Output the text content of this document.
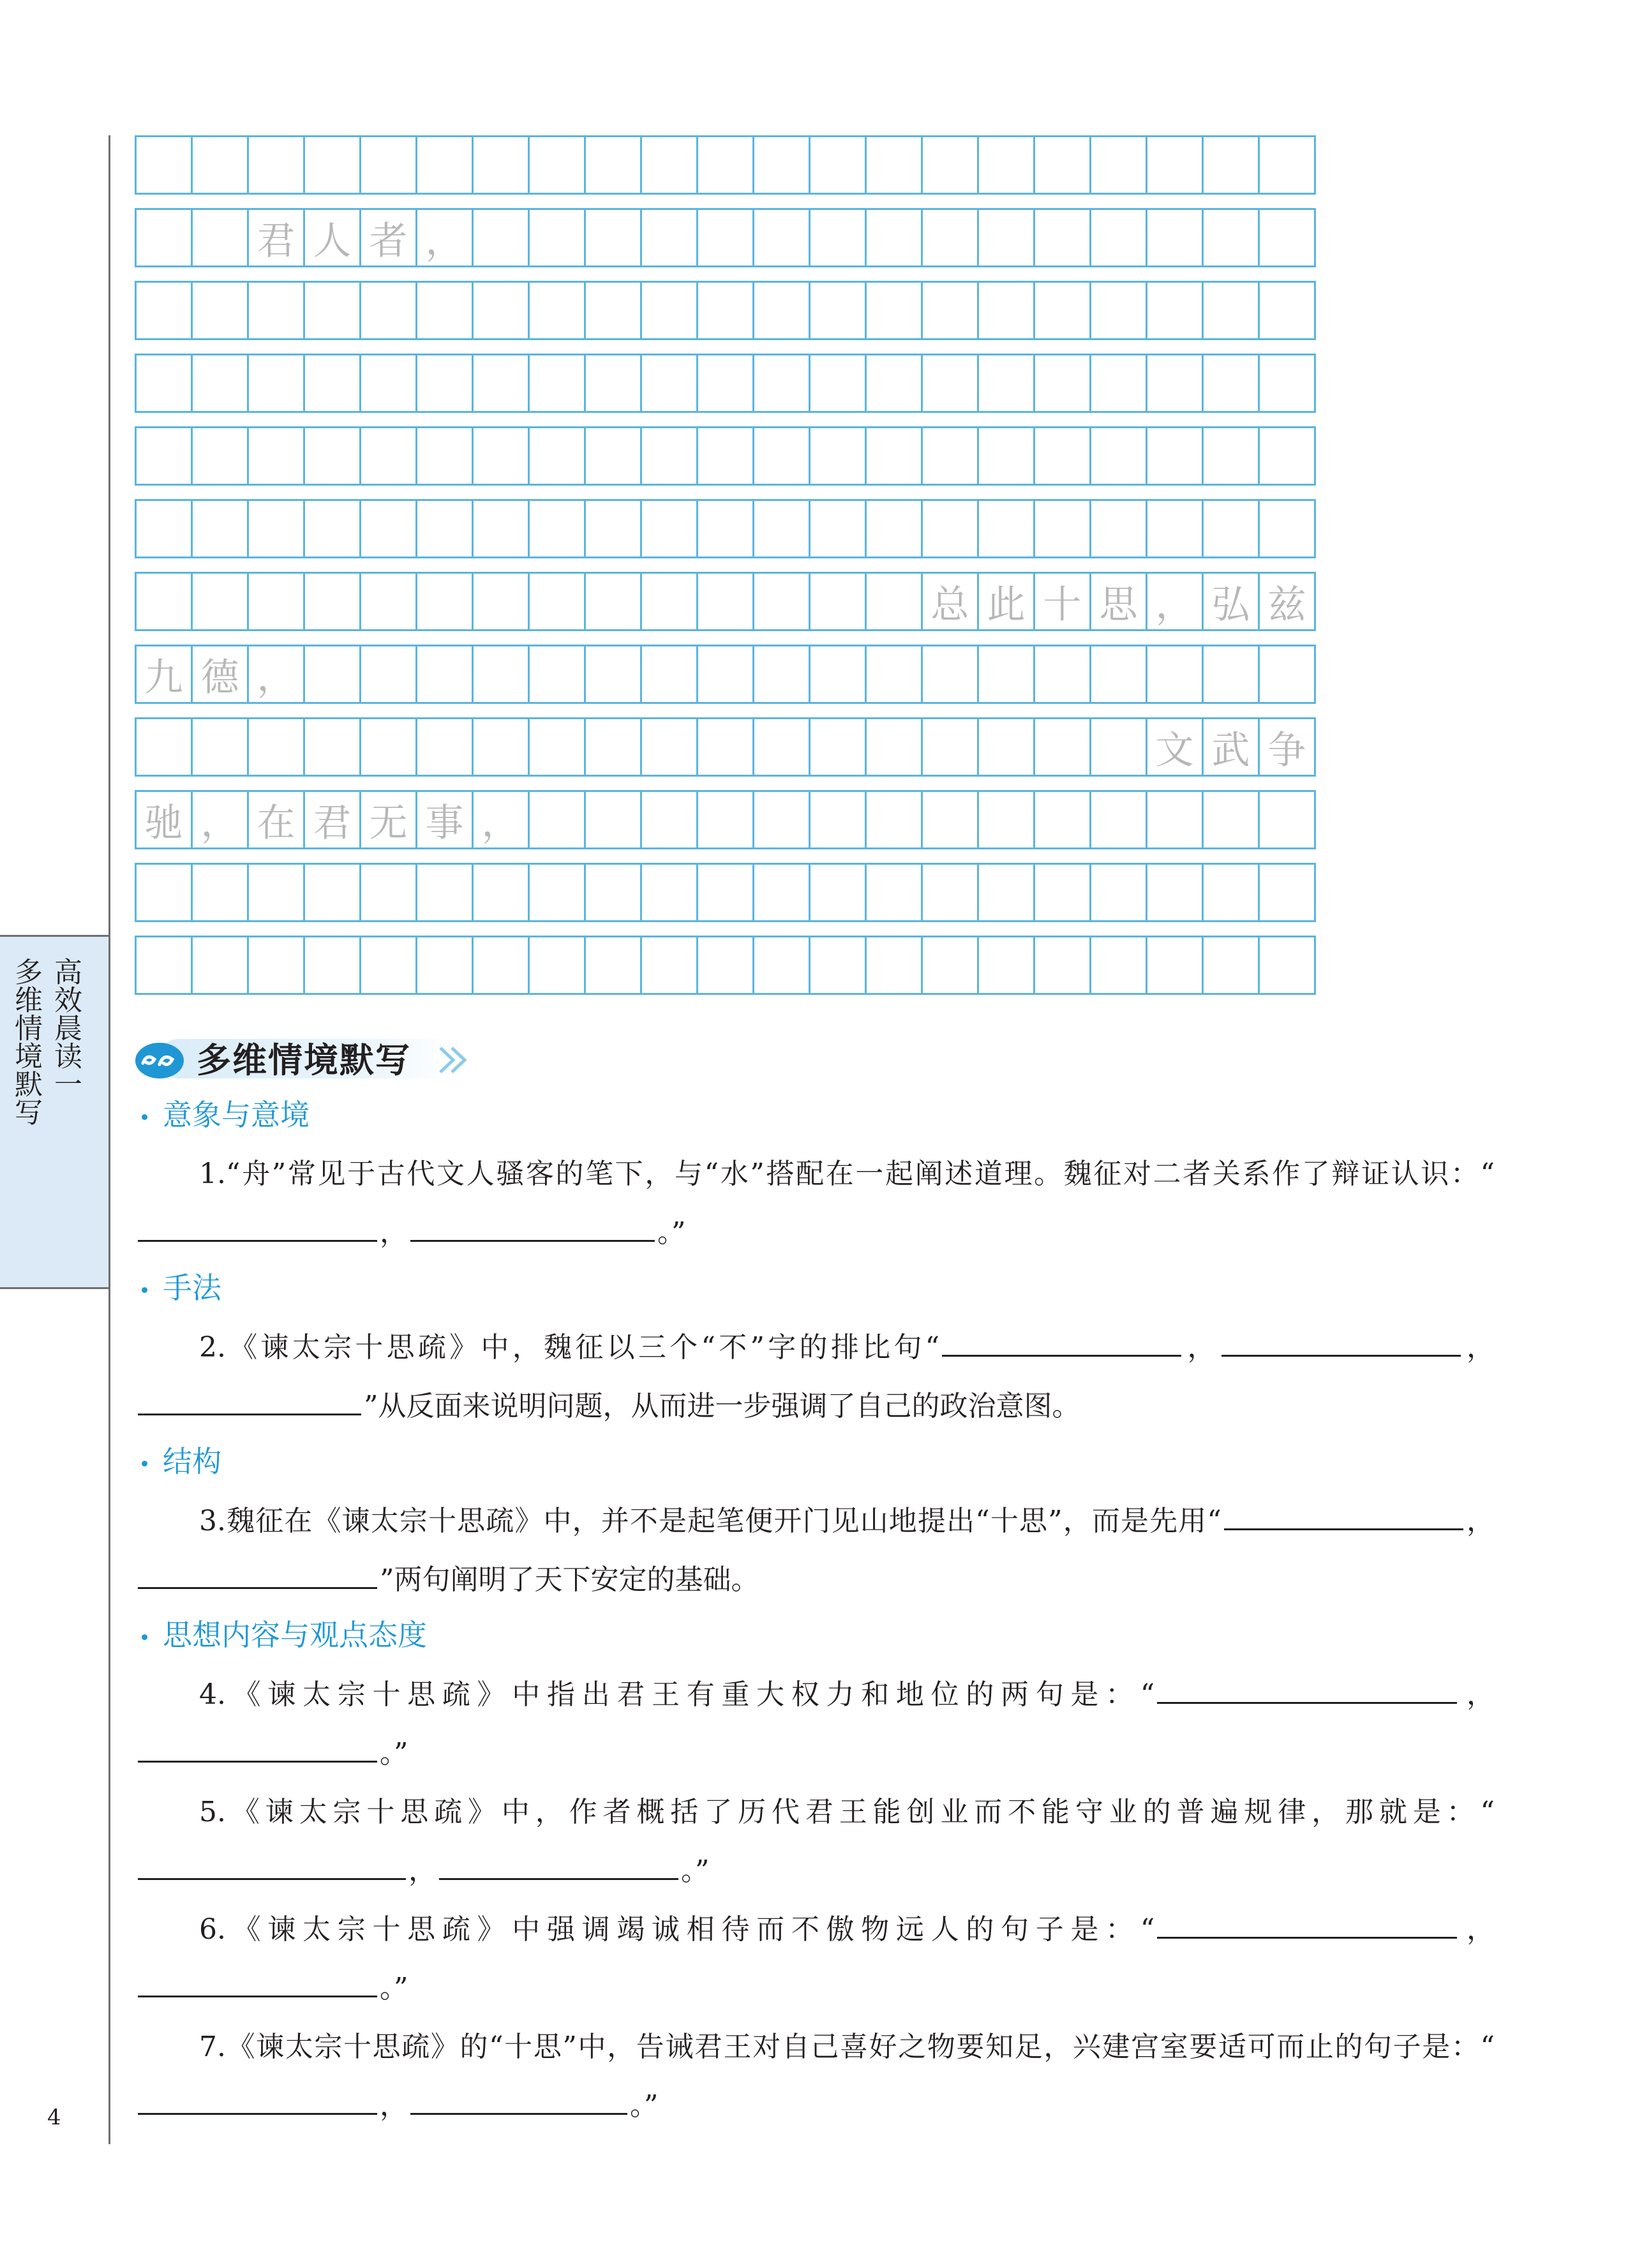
4
高效晨读一
多维情境默写
君 人 者 ，
总 此 十 思 ， 弘 兹
九 德 ，
文 武 争
驰 ， 在 君 无 事 ，
多维情境默写
意象与意境
1.“舟”常见于古代文人骚客的笔下，与“水”搭配在一起阐述道理。魏征对二者关系作了辩证认识：“，	。”
手法
2.《谏太宗十思疏》中，魏征以三个“不”字的排比句“	，	，”从反面来说明问题，从而进一步强调了自己的政治意图。
结构
3.魏征在《谏太宗十思疏》中，并不是起笔便开门见山地提出“十思”，而是先用“	，”两句阐明了天下安定的基础。
思想内容与观点态度
4.《谏太宗十思疏》中指出君王有重大权力和地位的两句是：“	，。”
5.《谏太宗十思疏》中，作者概括了历代君王能创业而不能守业的普遍规律，那就是：“，	。”
6.《谏太宗十思疏》中强调竭诚相待而不傲物远人的句子是：“	，。”
7.《谏太宗十思疏》的“十思”中，告诫君王对自己喜好之物要知足，兴建宫室要适可而止的句子是：“，	。”
